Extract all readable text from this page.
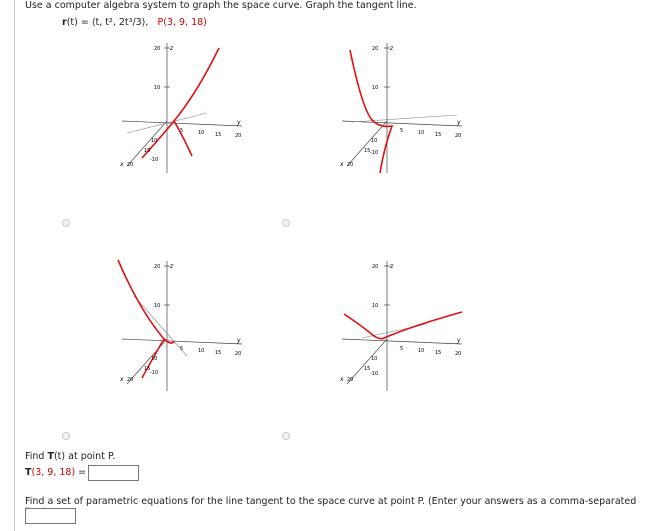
Use a computer algebra system to graph the space curve. Graph the tangent line.
r(t) = ⟨t, t², 2t³/3⟩, P(3, 9, 18)
20 z
10
5	10 15	20
y
10
15
x 20
-10
20 z
10
5	10 15	20
y
10
15
x 20
-10
20 z
10
5	10 15	20
y
10
15
x 20
-10
20 z
10
5	10 15	20
y
10
15
x 20
-10
Find T(t) at point P.
T(3, 9, 18) =
Find a set of parametric equations for the line tangent to the space curve at point P. (Enter your answers as a comma-separated
